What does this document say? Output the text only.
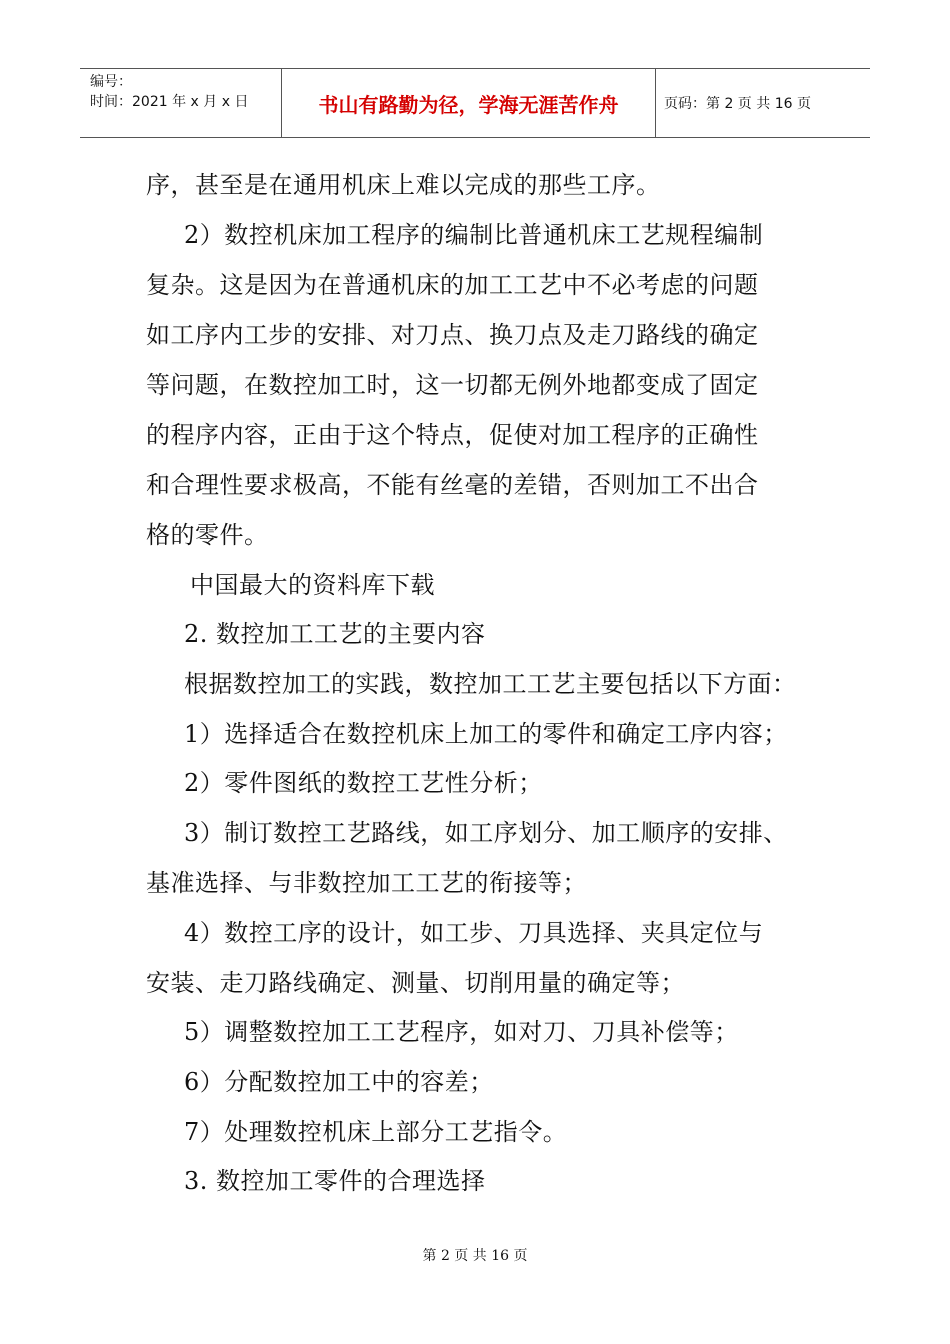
编号：
时间：2021 年 x 月 x 日	书山有路勤为径，学海无涯苦作舟	页码：第 2 页 共 16 页
序，甚至是在通用机床上难以完成的那些工序。
2）数控机床加工程序的编制比普通机床工艺规程编制
复杂。这是因为在普通机床的加工工艺中不必考虑的问题
如工序内工步的安排、对刀点、换刀点及走刀路线的确定
等问题，在数控加工时，这一切都无例外地都变成了固定
的程序内容，正由于这个特点，促使对加工程序的正确性
和合理性要求极高，不能有丝毫的差错，否则加工不出合
格的零件。
中国最大的资料库下载
2. 数控加工工艺的主要内容
根据数控加工的实践，数控加工工艺主要包括以下方面：
1）选择适合在数控机床上加工的零件和确定工序内容；
2）零件图纸的数控工艺性分析；
3）制订数控工艺路线，如工序划分、加工顺序的安排、
基准选择、与非数控加工工艺的衔接等；
4）数控工序的设计，如工步、刀具选择、夹具定位与
安装、走刀路线确定、测量、切削用量的确定等；
5）调整数控加工工艺程序，如对刀、刀具补偿等；
6）分配数控加工中的容差；
7）处理数控机床上部分工艺指令。
3. 数控加工零件的合理选择
第 2 页 共 16 页
